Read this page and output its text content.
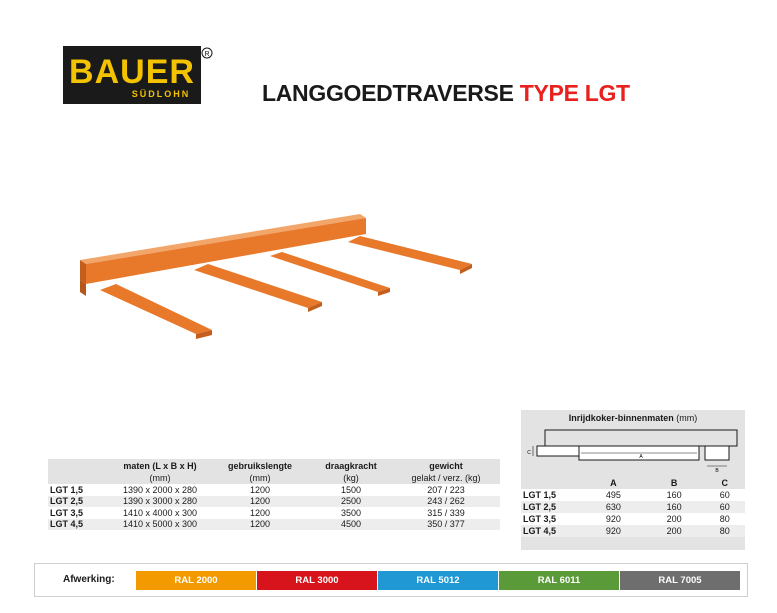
BAUER
SÜDLOHN
R
LANGGOEDTRAVERSE TYPE LGT
	maten (L x B x H)	gebruikslengte	draagkracht	gewicht
	(mm)	(mm)	(kg)	gelakt / verz. (kg)
LGT 1,5	1390 x 2000 x 280	1200	1500	207 / 223
LGT 2,5	1390 x 3000 x 280	1200	2500	243 / 262
LGT 3,5	1410 x 4000 x 300	1200	3500	315 / 339
LGT 4,5	1410 x 5000 x 300	1200	4500	350 / 377
Inrijdkoker-binnenmaten (mm)
A
B
C
	A	B	C
LGT 1,5	495	160	60
LGT 2,5	630	160	60
LGT 3,5	920	200	80
LGT 4,5	920	200	80
Afwerking:	RAL 2000	RAL 3000	RAL 5012	RAL 6011	RAL 7005
